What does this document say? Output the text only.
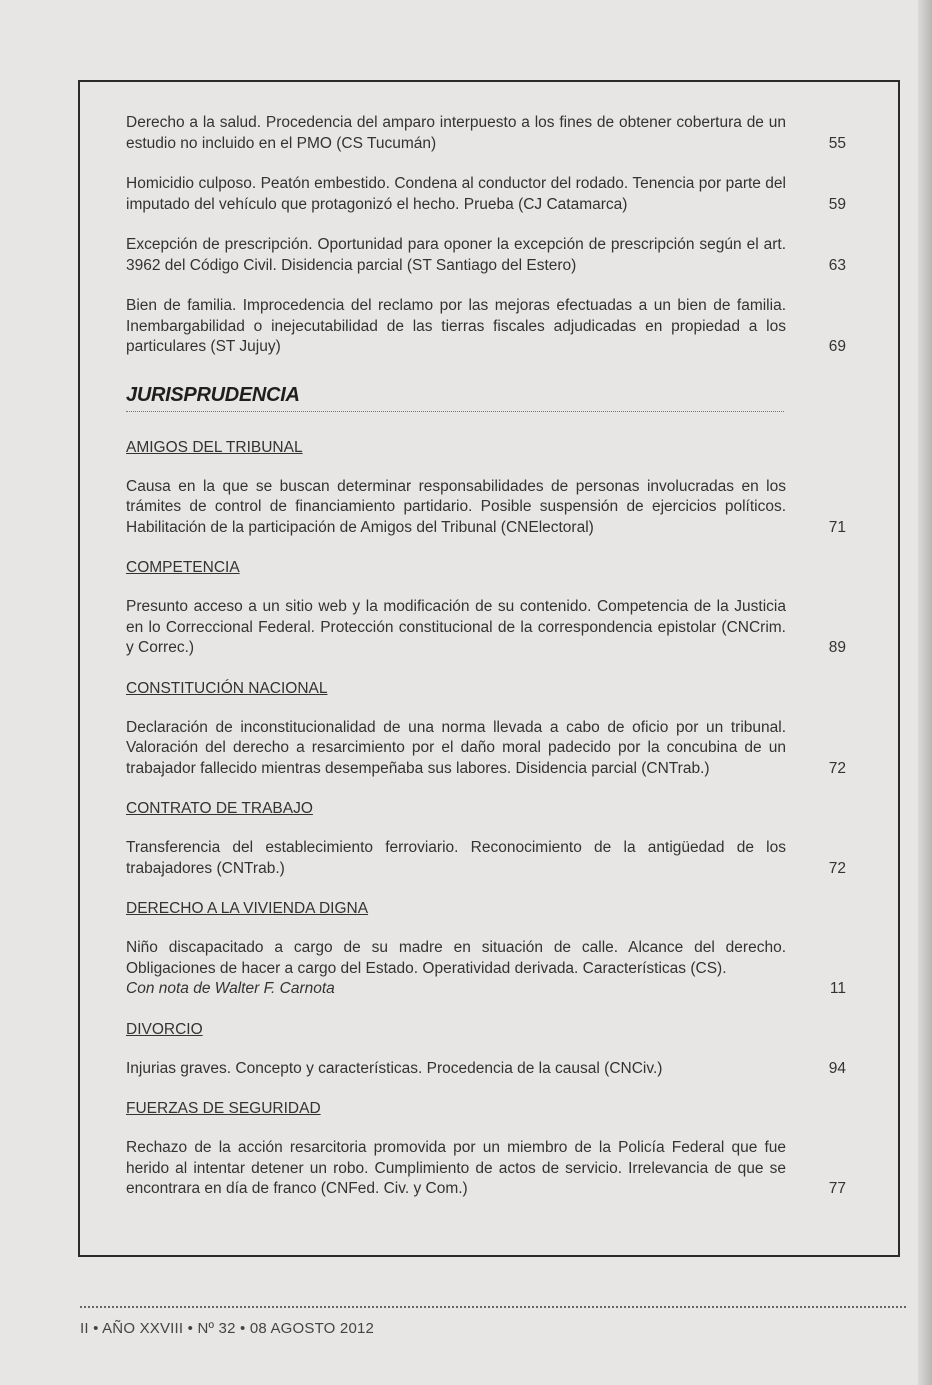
Derecho a la salud. Procedencia del amparo interpuesto a los fines de obtener cobertura de un estudio no incluido en el PMO (CS Tucumán)	55
Homicidio culposo. Peatón embestido. Condena al conductor del rodado. Tenencia por parte del imputado del vehículo que protagonizó el hecho. Prueba (CJ Catamarca)	59
Excepción de prescripción. Oportunidad para oponer la excepción de prescripción según el art. 3962 del Código Civil. Disidencia parcial (ST Santiago del Estero)	63
Bien de familia. Improcedencia del reclamo por las mejoras efectuadas a un bien de familia. Inembargabilidad o inejecutabilidad de las tierras fiscales adjudicadas en propiedad a los particulares (ST Jujuy)	69
JURISPRUDENCIA
AMIGOS DEL TRIBUNAL
Causa en la que se buscan determinar responsabilidades de personas involucradas en los trámites de control de financiamiento partidario. Posible suspensión de ejercicios políticos. Habilitación de la participación de Amigos del Tribunal (CNElectoral)	71
COMPETENCIA
Presunto acceso a un sitio web y la modificación de su contenido. Competencia de la Justicia en lo Correccional Federal. Protección constitucional de la correspondencia epistolar (CNCrim. y Correc.)	89
CONSTITUCIÓN NACIONAL
Declaración de inconstitucionalidad de una norma llevada a cabo de oficio por un tribunal. Valoración del derecho a resarcimiento por el daño moral padecido por la concubina de un trabajador fallecido mientras desempeñaba sus labores. Disidencia parcial (CNTrab.)	72
CONTRATO DE TRABAJO
Transferencia del establecimiento ferroviario. Reconocimiento de la antigüedad de los trabajadores (CNTrab.)	72
DERECHO A LA VIVIENDA DIGNA
Niño discapacitado a cargo de su madre en situación de calle. Alcance del derecho. Obligaciones de hacer a cargo del Estado. Operatividad derivada. Características (CS).
Con nota de Walter F. Carnota	11
DIVORCIO
Injurias graves. Concepto y características. Procedencia de la causal (CNCiv.)	94
FUERZAS DE SEGURIDAD
Rechazo de la acción resarcitoria promovida por un miembro de la Policía Federal que fue herido al intentar detener un robo. Cumplimiento de actos de servicio. Irrelevancia de que se encontrara en día de franco (CNFed. Civ. y Com.)	77
II • AÑO XXVIII • Nº 32 • 08 AGOSTO 2012
